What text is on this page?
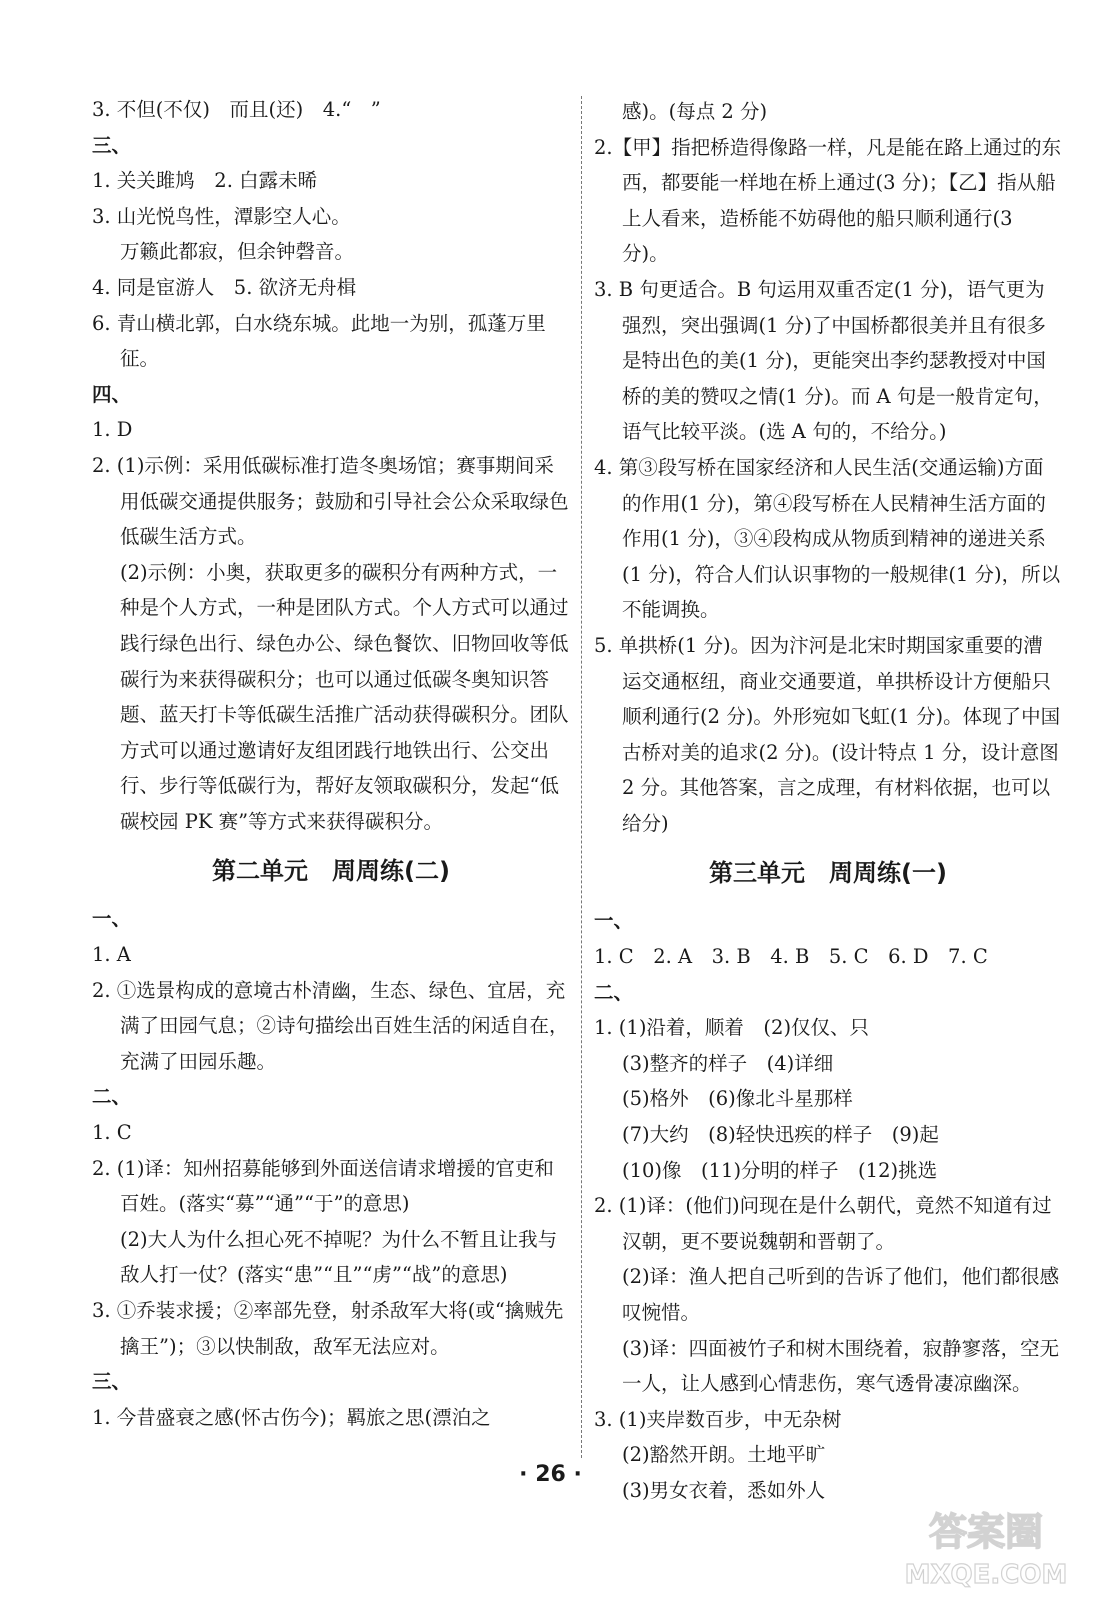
3. 不但(不仅)　而且(还)　4.“　”

三、

1. 关关雎鸠　2. 白露未晞

3. 山光悦鸟性，潭影空人心。

万籁此都寂，但余钟磬音。

4. 同是宦游人　5. 欲济无舟楫

6. 青山横北郭，白水绕东城。此地一为别，孤蓬万里征。

四、

1. D

2. (1)示例：采用低碳标准打造冬奥场馆；赛事期间采用低碳交通提供服务；鼓励和引导社会公众采取绿色低碳生活方式。

(2)示例：小奥，获取更多的碳积分有两种方式，一种是个人方式，一种是团队方式。个人方式可以通过践行绿色出行、绿色办公、绿色餐饮、旧物回收等低碳行为来获得碳积分；也可以通过低碳冬奥知识答题、蓝天打卡等低碳生活推广活动获得碳积分。团队方式可以通过邀请好友组团践行地铁出行、公交出行、步行等低碳行为，帮好友领取碳积分，发起“低碳校园 PK 赛”等方式来获得碳积分。

第二单元　周周练(二)

一、

1. A

2. ①选景构成的意境古朴清幽，生态、绿色、宜居，充满了田园气息；②诗句描绘出百姓生活的闲适自在，充满了田园乐趣。

二、

1. C

2. (1)译：知州招募能够到外面送信请求增援的官吏和百姓。(落实“募”“通”“于”的意思)

(2)大人为什么担心死不掉呢？为什么不暂且让我与敌人打一仗？(落实“患”“且”“虏”“战”的意思)

3. ①乔装求援；②率部先登，射杀敌军大将(或“擒贼先擒王”)；③以快制敌，敌军无法应对。

三、

1. 今昔盛衰之感(怀古伤今)；羁旅之思(漂泊之

感)。(每点 2 分)

2.【甲】指把桥造得像路一样，凡是能在路上通过的东西，都要能一样地在桥上通过(3 分)；【乙】指从船上人看来，造桥能不妨碍他的船只顺利通行(3 分)。

3. B 句更适合。B 句运用双重否定(1 分)，语气更为强烈，突出强调(1 分)了中国桥都很美并且有很多是特出色的美(1 分)，更能突出李约瑟教授对中国桥的美的赞叹之情(1 分)。而 A 句是一般肯定句，语气比较平淡。(选 A 句的，不给分。)

4. 第③段写桥在国家经济和人民生活(交通运输)方面的作用(1 分)，第④段写桥在人民精神生活方面的作用(1 分)，③④段构成从物质到精神的递进关系(1 分)，符合人们认识事物的一般规律(1 分)，所以不能调换。

5. 单拱桥(1 分)。因为汴河是北宋时期国家重要的漕运交通枢纽，商业交通要道，单拱桥设计方便船只顺利通行(2 分)。外形宛如飞虹(1 分)。体现了中国古桥对美的追求(2 分)。(设计特点 1 分，设计意图 2 分。其他答案，言之成理，有材料依据，也可以给分)

第三单元　周周练(一)

一、

1. C　2. A　3. B　4. B　5. C　6. D　7. C

二、

1. (1)沿着，顺着　(2)仅仅、只

(3)整齐的样子　(4)详细

(5)格外　(6)像北斗星那样

(7)大约　(8)轻快迅疾的样子　(9)起

(10)像　(11)分明的样子　(12)挑选

2. (1)译：(他们)问现在是什么朝代，竟然不知道有过汉朝，更不要说魏朝和晋朝了。

(2)译：渔人把自己听到的告诉了他们，他们都很感叹惋惜。

(3)译：四面被竹子和树木围绕着，寂静寥落，空无一人，让人感到心情悲伤，寒气透骨凄凉幽深。

3. (1)夹岸数百步，中无杂树

(2)豁然开朗。土地平旷

(3)男女衣着，悉如外人

· 26 ·
答案圈
MXQE.COM
